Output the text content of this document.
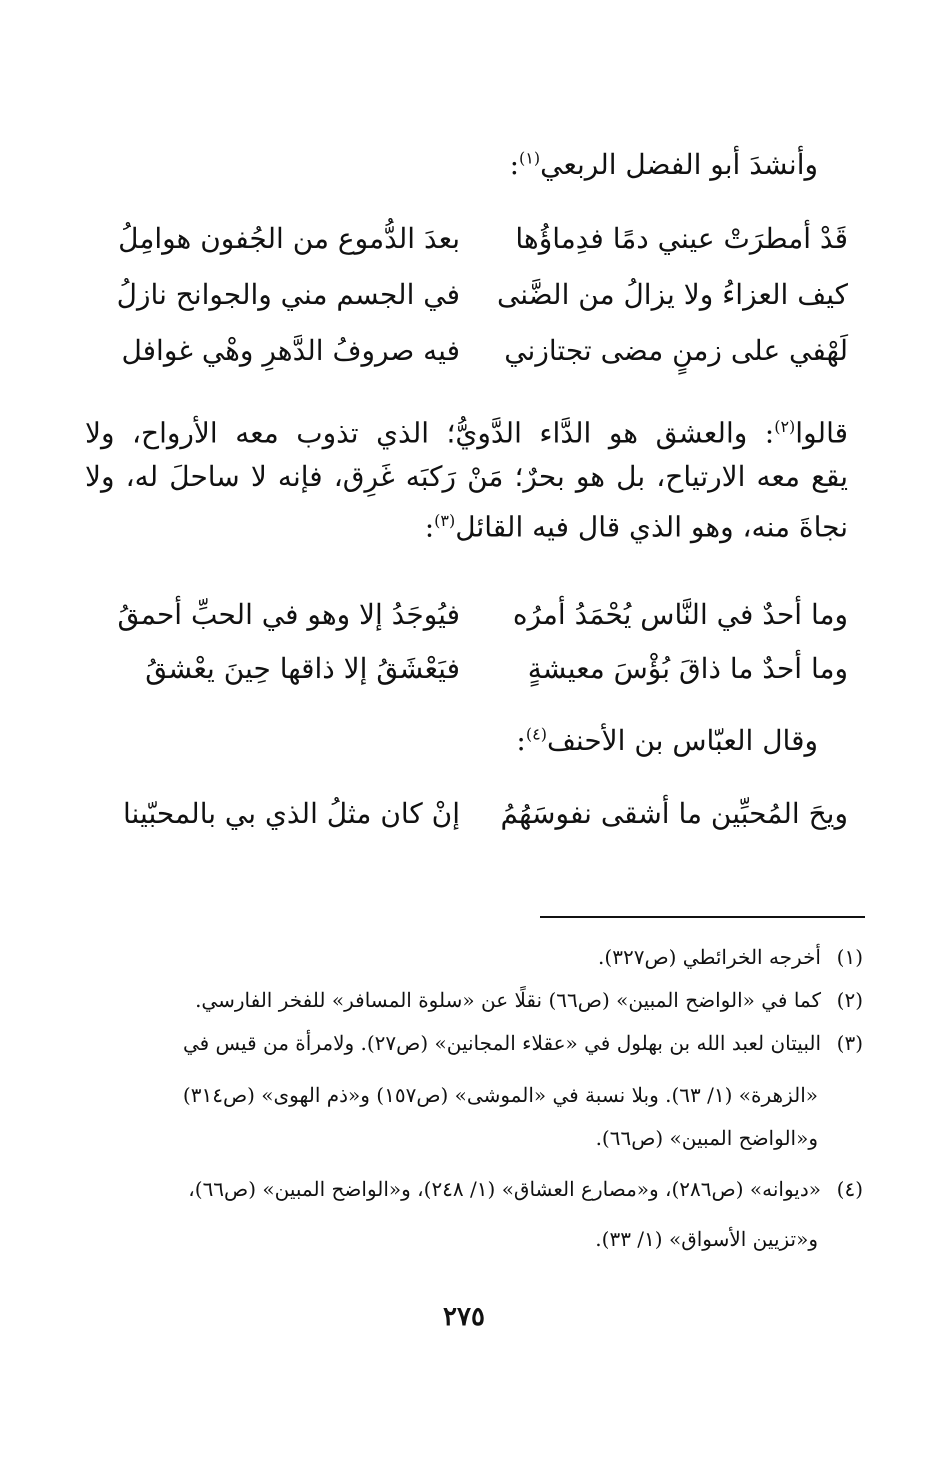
وأنشدَ أبو الفضل الربعي$^{(١)}$:
قَدْ أمطرَتْ عيني دمًا فدِماؤُها
بعدَ الدُّموع من الجُفون هوامِلُ
كيف العزاءُ ولا يزالُ من الضَّنى
في الجسم مني والجوانح نازلُ
لَهْفي على زمنٍ مضى تجتازني
فيه صروفُ الدَّهرِ وهْي غوافل
قالوا$^{(٢)}$: والعشق هو الدَّاء الدَّويُّ؛ الذي تذوب معه الأرواح، ولا
يقع معه الارتياح، بل هو بحرٌ؛ مَنْ رَكبَه غَرِق، فإنه لا ساحلَ له، ولا
نجاةَ منه، وهو الذي قال فيه القائل$^{(٣)}$:
وما أحدٌ في النَّاس يُحْمَدُ أمرُه
فيُوجَدُ إلا وهو في الحبِّ أحمقُ
وما أحدٌ ما ذاقَ بُؤْسَ معيشةٍ
فيَعْشَقُ إلا ذاقها حِينَ يعْشقُ
وقال العبّاس بن الأحنف$^{(٤)}$:
ويحَ المُحبِّين ما أشقى نفوسَهُمُ
إنْ كان مثلُ الذي بي بالمحبّينا
(١)أخرجه الخرائطي (ص٣٢٧).
(٢)كما في «الواضح المبين» (ص٦٦) نقلًا عن «سلوة المسافر» للفخر الفارسي.
(٣)البيتان لعبد الله بن بهلول في «عقلاء المجانين» (ص٢٧). ولامرأة من قيس في
«الزهرة» (١/ ٦٣). وبلا نسبة في «الموشى» (ص١٥٧) و«ذم الهوى» (ص٣١٤)
و«الواضح المبين» (ص٦٦).
(٤)«ديوانه» (ص٢٨٦)، و«مصارع العشاق» (١/ ٢٤٨)، و«الواضح المبين» (ص٦٦)،
و«تزيين الأسواق» (١/ ٣٣).
٢٧٥
